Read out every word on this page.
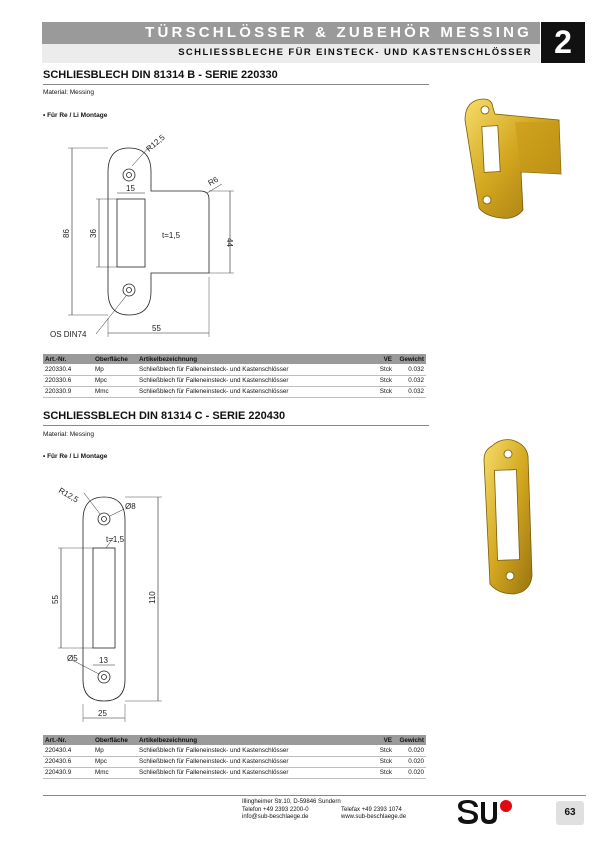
TÜRSCHLÖSSER & ZUBEHÖR MESSING
SCHLIESSBLECHE FÜR EINSTECK- UND KASTENSCHLÖSSER 2
SCHLIESBLECH DIN 81314 B - SERIE 220330
Material: Messing
• Für Re / Li Montage
R12,5
R6
15
86 36	t=1,5
44
55
OS DIN74
Art.-Nr.	Oberfläche	Artikelbezeichnung	VE	Gewicht
220330.4	Mp	Schließblech für Falleneinsteck- und Kastenschlösser	Stck	0.032
220330.6	Mpc	Schließblech für Falleneinsteck- und Kastenschlösser	Stck	0.032
220330.9	Mmc	Schließblech für Falleneinsteck- und Kastenschlösser	Stck	0.032
SCHLIESSBLECH DIN 81314 C - SERIE 220430
Material: Messing
• Für Re / Li Montage
R12,5
Ø8
t=1,5
55	110
Ø5	13
25
Art.-Nr.	Oberfläche	Artikelbezeichnung	VE	Gewicht
220430.4	Mp	Schließblech für Falleneinsteck- und Kastenschlösser	Stck	0.020
220430.6	Mpc	Schließblech für Falleneinsteck- und Kastenschlösser	Stck	0.020
220430.9	Mmc	Schließblech für Falleneinsteck- und Kastenschlösser	Stck	0.020
Illingheimer Str.10, D-59846 Sundern
Telefon +49 2393 2200-0
info@sub-beschlaege.de
Telefax +49 2393 1074
www.sub-beschlaege.de	63
